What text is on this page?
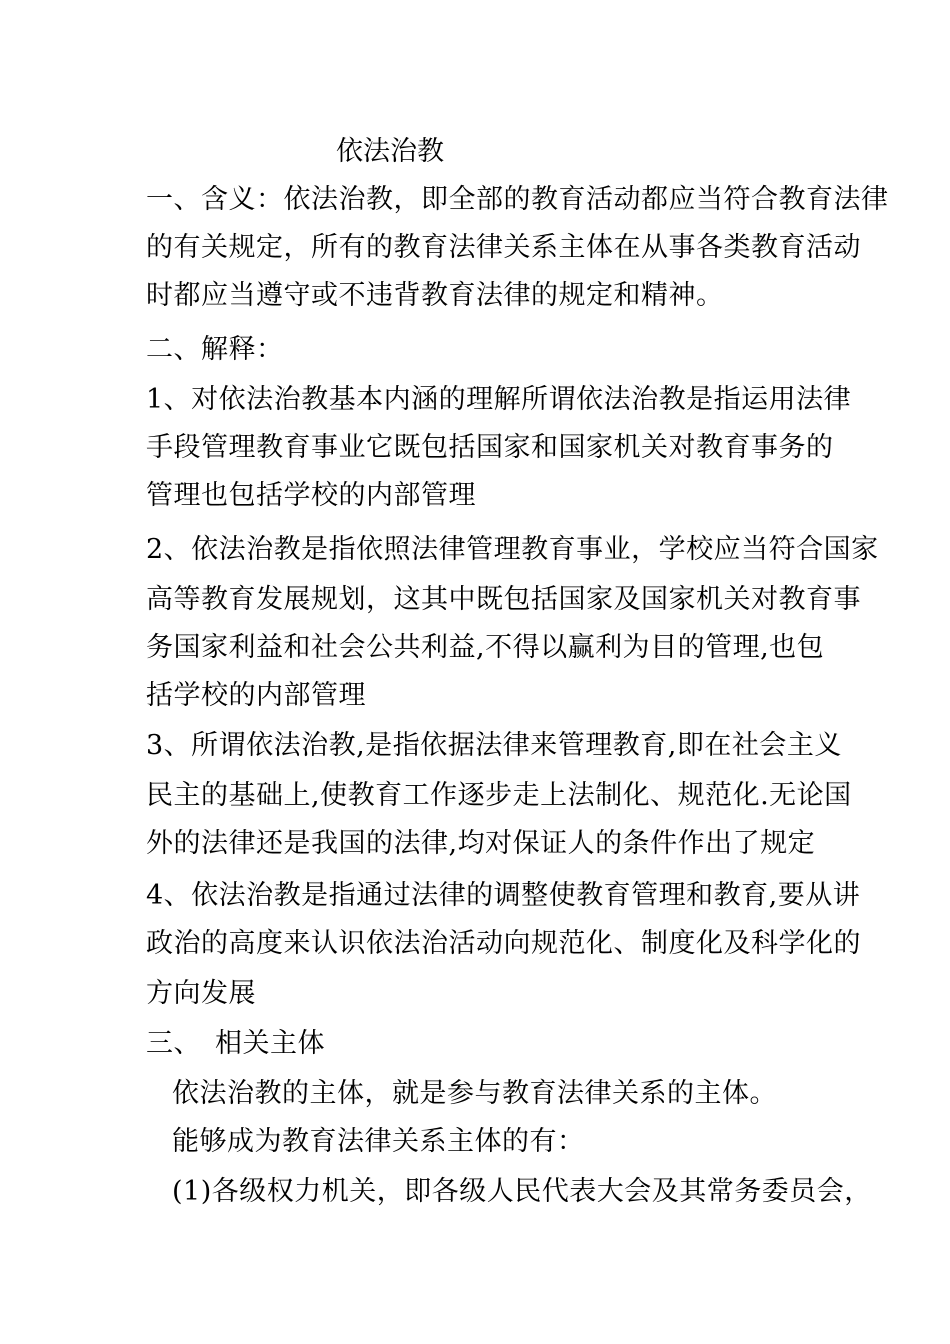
依法治教
一、含义：依法治教，即全部的教育活动都应当符合教育法律
的有关规定，所有的教育法律关系主体在从事各类教育活动
时都应当遵守或不违背教育法律的规定和精神。
二、解释：
1、对依法治教基本内涵的理解所谓依法治教是指运用法律
手段管理教育事业它既包括国家和国家机关对教育事务的
管理也包括学校的内部管理
2、依法治教是指依照法律管理教育事业，学校应当符合国家
高等教育发展规划，这其中既包括国家及国家机关对教育事
务国家利益和社会公共利益,不得以赢利为目的管理,也包
括学校的内部管理
3、所谓依法治教,是指依据法律来管理教育,即在社会主义
民主的基础上,使教育工作逐步走上法制化、规范化.无论国
外的法律还是我国的法律,均对保证人的条件作出了规定
4、依法治教是指通过法律的调整使教育管理和教育,要从讲
政治的高度来认识依法治活动向规范化、制度化及科学化的
方向发展
三、　相关主体
依法治教的主体，就是参与教育法律关系的主体。
能够成为教育法律关系主体的有：
(1)各级权力机关，即各级人民代表大会及其常务委员会，
